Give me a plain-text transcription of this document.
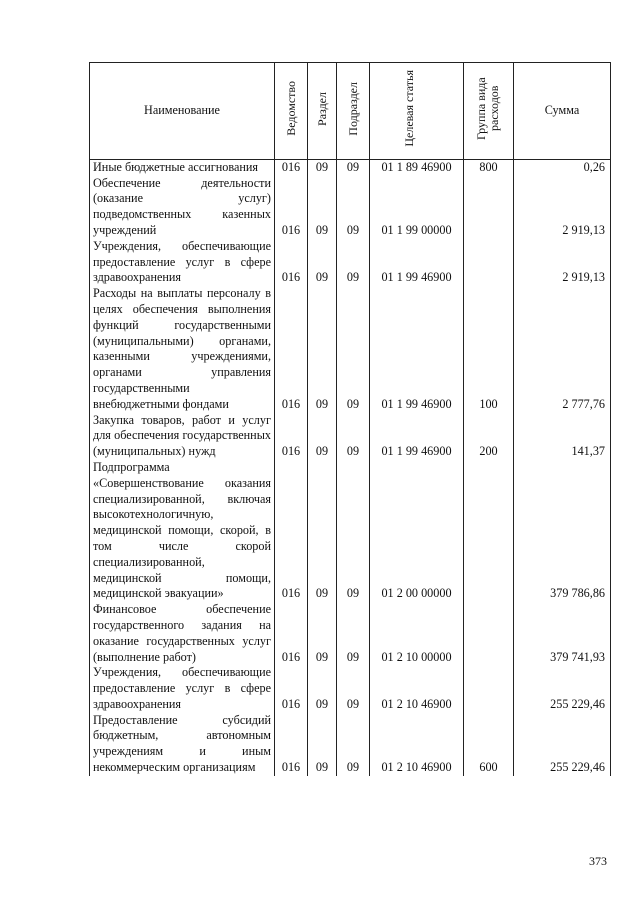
Наименование	Ведомство	Раздел	Подраздел	Целевая статья	Группа вида расходов	Сумма
Иные бюджетные ассигнования	016	09	09	01 1 89 46900	800	0,26
Обеспечение деятельности (оказание услуг) подведомственных казенных учреждений	016	09	09	01 1 99 00000		2 919,13
Учреждения, обеспечивающие предоставление услуг в сфере здравоохранения	016	09	09	01 1 99 46900		2 919,13
Расходы на выплаты персоналу в целях обеспечения выполнения функций государственными (муниципальными) органами, казенными учреждениями, органами управления государственными внебюджетными фондами	016	09	09	01 1 99 46900	100	2 777,76
Закупка товаров, работ и услуг для обеспечения государственных (муниципальных) нужд	016	09	09	01 1 99 46900	200	141,37
Подпрограмма «Совершенствование оказания специализированной, включая высокотехнологичную, медицинской помощи, скорой, в том числе скорой специализированной, медицинской помощи, медицинской эвакуации»	016	09	09	01 2 00 00000		379 786,86
Финансовое обеспечение государственного задания на оказание государственных услуг (выполнение работ)	016	09	09	01 2 10 00000		379 741,93
Учреждения, обеспечивающие предоставление услуг в сфере здравоохранения	016	09	09	01 2 10 46900		255 229,46
Предоставление субсидий бюджетным, автономным учреждениям и иным некоммерческим организациям	016	09	09	01 2 10 46900	600	255 229,46
373
